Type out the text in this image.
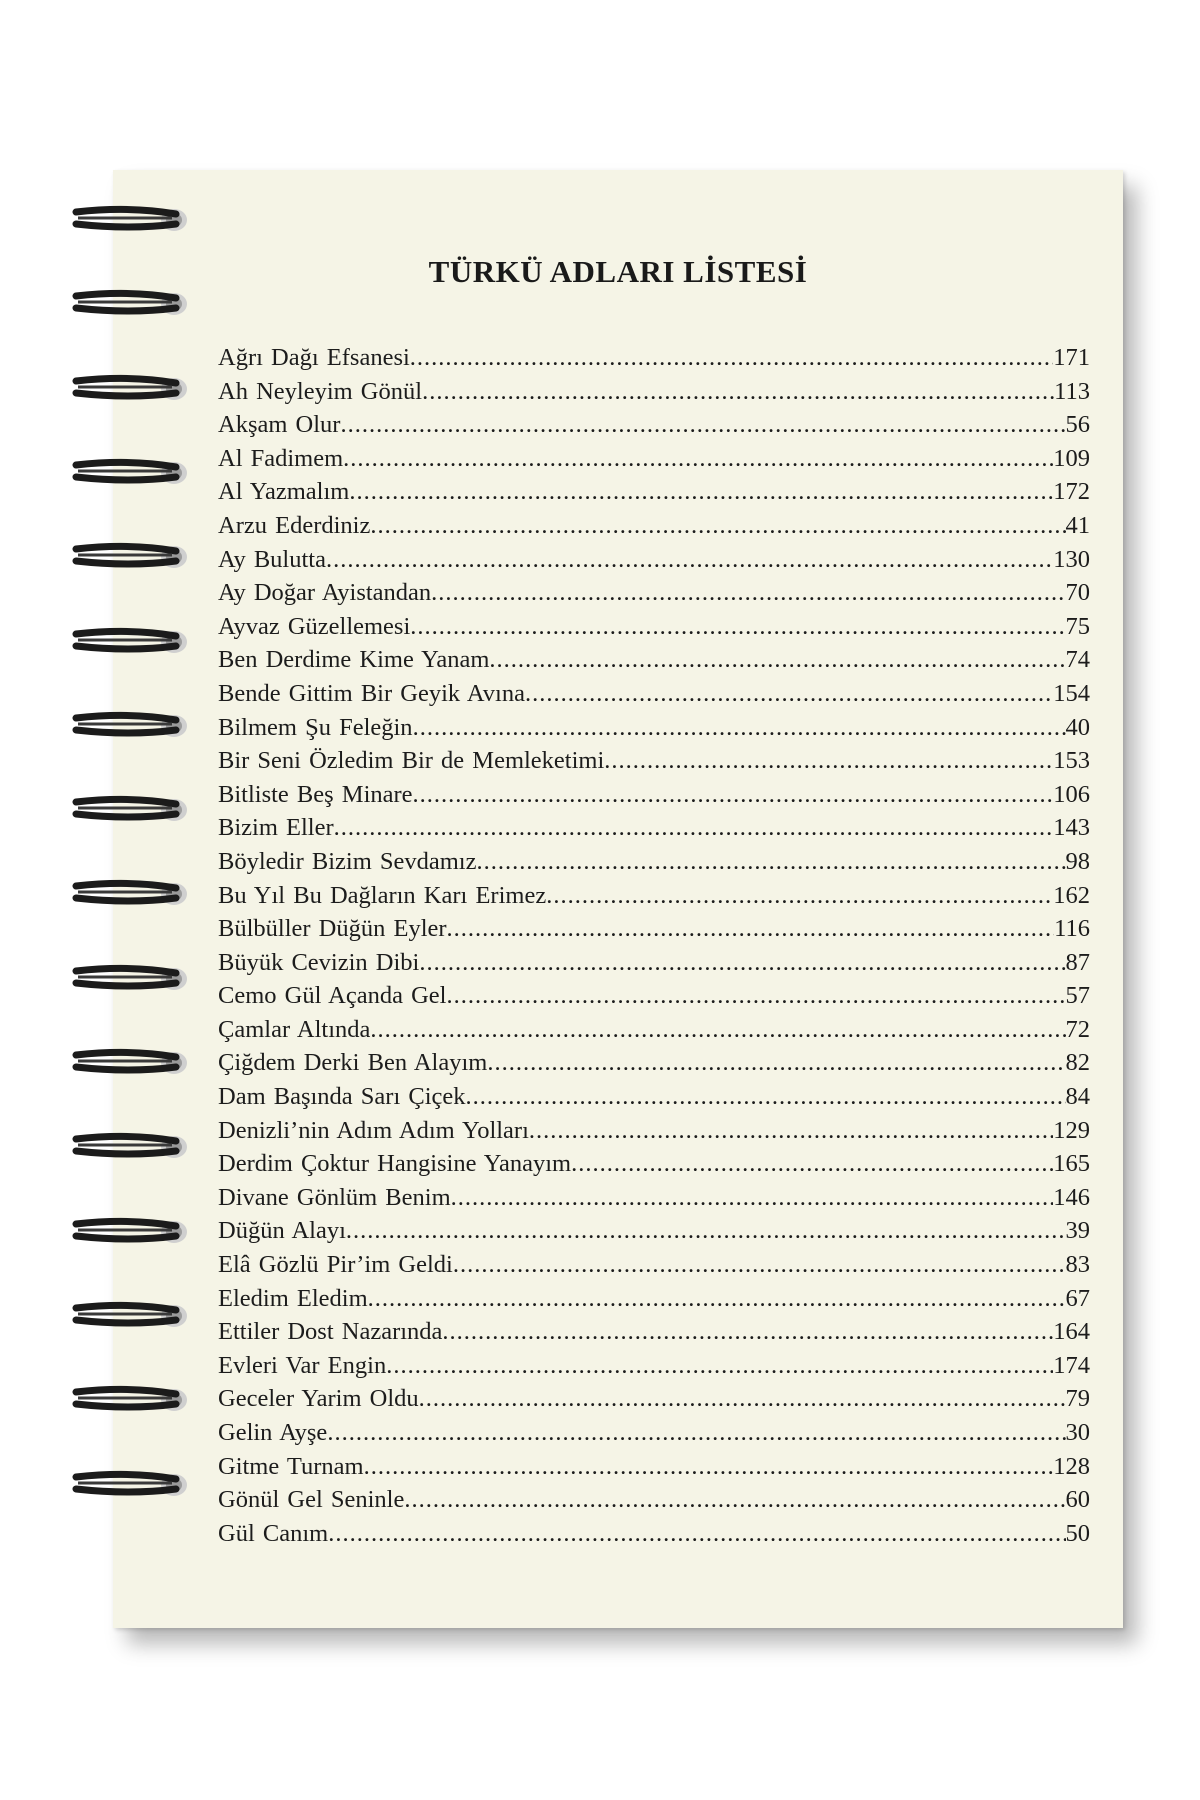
TÜRKÜ ADLARI LİSTESİ
Ağrı Dağı Efsanesi .....	171
Ah Neyleyim Gönül .....	113
Akşam Olur .....	56
Al Fadimem .....	109
Al Yazmalım .....	172
Arzu Ederdiniz .....	41
Ay Bulutta .....	130
Ay Doğar Ayistandan .....	70
Ayvaz Güzellemesi .....	75
Ben Derdime Kime Yanam .....	74
Bende Gittim Bir Geyik Avına .....	154
Bilmem Şu Feleğin .....	40
Bir Seni Özledim Bir de Memleketimi .....	153
Bitliste Beş Minare .....	106
Bizim Eller .....	143
Böyledir Bizim Sevdamız .....	98
Bu Yıl Bu Dağların Karı Erimez .....	162
Bülbüller Düğün Eyler .....	116
Büyük Cevizin Dibi .....	87
Cemo Gül Açanda Gel .....	57
Çamlar Altında .....	72
Çiğdem Derki Ben Alayım .....	82
Dam Başında Sarı Çiçek .....	84
Denizli’nin Adım Adım Yolları .....	129
Derdim Çoktur Hangisine Yanayım .....	165
Divane Gönlüm Benim .....	146
Düğün Alayı .....	39
Elâ Gözlü Pir’im Geldi .....	83
Eledim Eledim .....	67
Ettiler Dost Nazarında .....	164
Evleri Var Engin .....	174
Geceler Yarim Oldu .....	79
Gelin Ayşe .....	30
Gitme Turnam .....	128
Gönül Gel Seninle .....	60
Gül Canım .....	50
